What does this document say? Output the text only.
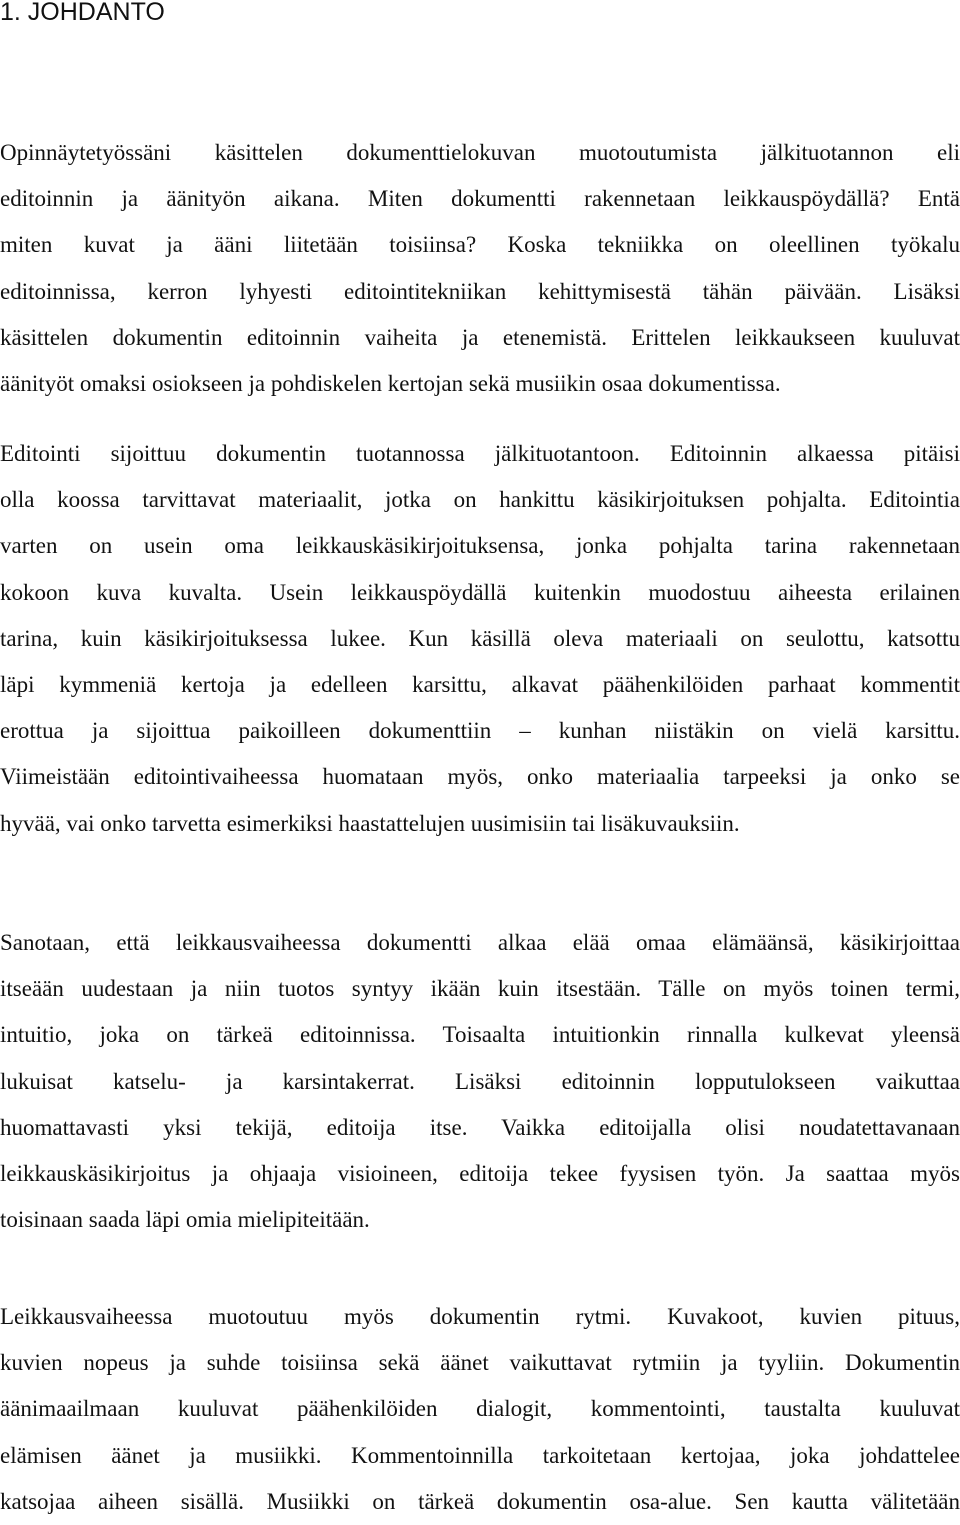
1. JOHDANTO
Opinnäytetyössäni käsittelen dokumenttielokuvan muotoutumista jälkituotannon eli
editoinnin ja äänityön aikana. Miten dokumentti rakennetaan leikkauspöydällä? Entä
miten kuvat ja ääni liitetään toisiinsa? Koska tekniikka on oleellinen työkalu
editoinnissa, kerron lyhyesti editointitekniikan kehittymisestä tähän päivään. Lisäksi
käsittelen dokumentin editoinnin vaiheita ja etenemistä. Erittelen leikkaukseen kuuluvat
äänityöt omaksi osiokseen ja pohdiskelen kertojan sekä musiikin osaa dokumentissa.
Editointi sijoittuu dokumentin tuotannossa jälkituotantoon. Editoinnin alkaessa pitäisi
olla koossa tarvittavat materiaalit, jotka on hankittu käsikirjoituksen pohjalta. Editointia
varten on usein oma leikkauskäsikirjoituksensa, jonka pohjalta tarina rakennetaan
kokoon kuva kuvalta. Usein leikkauspöydällä kuitenkin muodostuu aiheesta erilainen
tarina, kuin käsikirjoituksessa lukee. Kun käsillä oleva materiaali on seulottu, katsottu
läpi kymmeniä kertoja ja edelleen karsittu, alkavat päähenkilöiden parhaat kommentit
erottua ja sijoittua paikoilleen dokumenttiin – kunhan niistäkin on vielä karsittu.
Viimeistään editointivaiheessa huomataan myös, onko materiaalia tarpeeksi ja onko se
hyvää, vai onko tarvetta esimerkiksi haastattelujen uusimisiin tai lisäkuvauksiin.
Sanotaan, että leikkausvaiheessa dokumentti alkaa elää omaa elämäänsä, käsikirjoittaa
itseään uudestaan ja niin tuotos syntyy ikään kuin itsestään. Tälle on myös toinen termi,
intuitio, joka on tärkeä editoinnissa. Toisaalta intuitionkin rinnalla kulkevat yleensä
lukuisat katselu- ja karsintakerrat. Lisäksi editoinnin lopputulokseen vaikuttaa
huomattavasti yksi tekijä, editoija itse. Vaikka editoijalla olisi noudatettavanaan
leikkauskäsikirjoitus ja ohjaaja visioineen, editoija tekee fyysisen työn. Ja saattaa myös
toisinaan saada läpi omia mielipiteitään.
Leikkausvaiheessa muotoutuu myös dokumentin rytmi. Kuvakoot, kuvien pituus,
kuvien nopeus ja suhde toisiinsa sekä äänet vaikuttavat rytmiin ja tyyliin. Dokumentin
äänimaailmaan kuuluvat päähenkilöiden dialogit, kommentointi, taustalta kuuluvat
elämisen äänet ja musiikki. Kommentoinnilla tarkoitetaan kertojaa, joka johdattelee
katsojaa aiheen sisällä. Musiikki on tärkeä dokumentin osa-alue. Sen kautta välitetään
